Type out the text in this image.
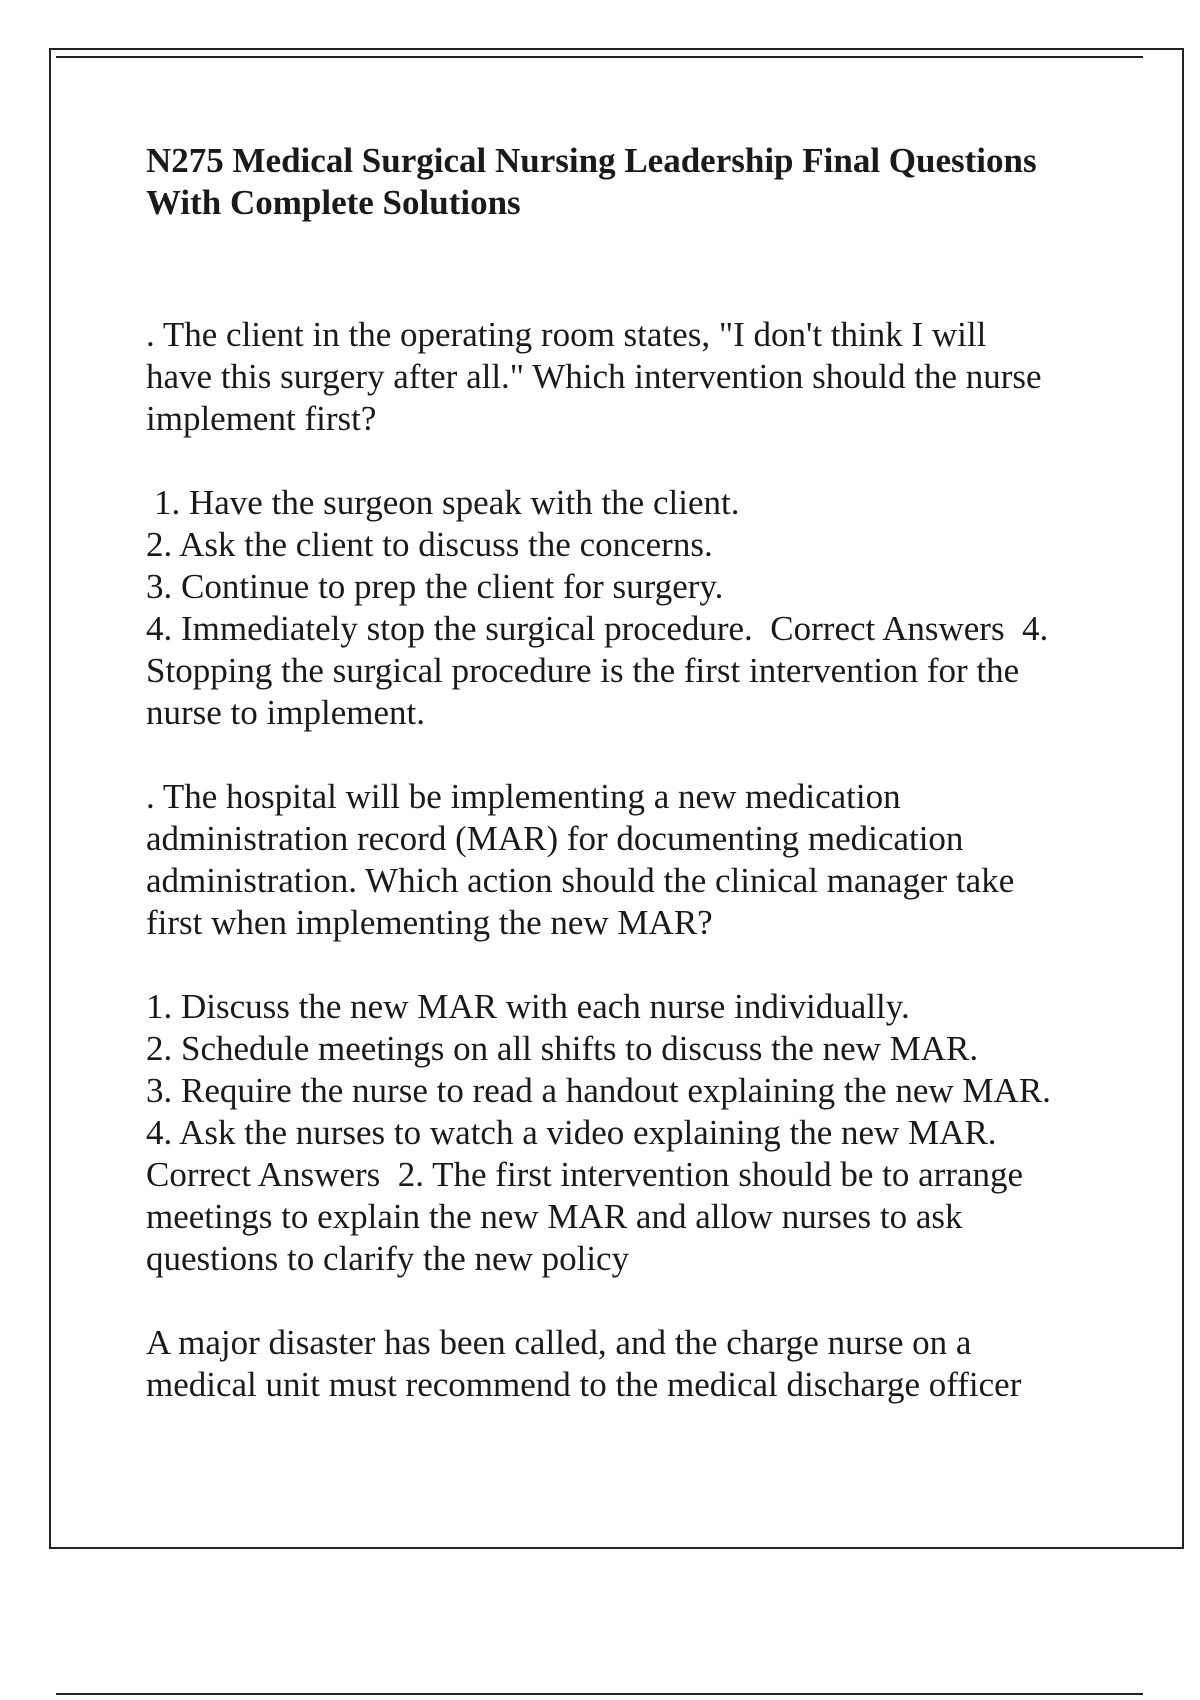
N275 Medical Surgical Nursing Leadership Final Questions

With Complete Solutions

. The client in the operating room states, "I don't think I will

have this surgery after all." Which intervention should the nurse

implement first?

1. Have the surgeon speak with the client.

2. Ask the client to discuss the concerns.

3. Continue to prep the client for surgery.

4. Immediately stop the surgical procedure.  Correct Answers  4.

Stopping the surgical procedure is the first intervention for the

nurse to implement.

. The hospital will be implementing a new medication

administration record (MAR) for documenting medication

administration. Which action should the clinical manager take

first when implementing the new MAR?

1. Discuss the new MAR with each nurse individually.

2. Schedule meetings on all shifts to discuss the new MAR.

3. Require the nurse to read a handout explaining the new MAR.

4. Ask the nurses to watch a video explaining the new MAR.

Correct Answers  2. The first intervention should be to arrange

meetings to explain the new MAR and allow nurses to ask

questions to clarify the new policy

A major disaster has been called, and the charge nurse on a

medical unit must recommend to the medical discharge officer
